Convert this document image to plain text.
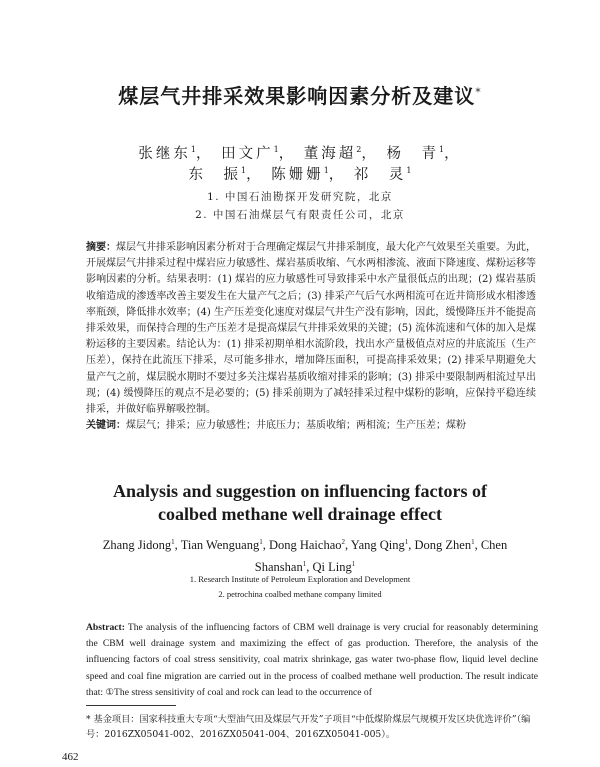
煤层气井排采效果影响因素分析及建议*
张继东$^1$， 田文广$^1$， 董海超$^2$， 杨　青$^1$，
东　振$^1$， 陈姗姗$^1$， 祁　灵$^1$
1. 中国石油勘探开发研究院，北京
2. 中国石油煤层气有限责任公司，北京
摘要：煤层气井排采影响因素分析对于合理确定煤层气井排采制度，最大化产气效果至关重要。为此，开展煤层气井排采过程中煤岩应力敏感性、煤岩基质收缩、气水两相渗流、液面下降速度、煤粉运移等影响因素的分析。结果表明：(1) 煤岩的应力敏感性可导致排采中水产量很低点的出现；(2) 煤岩基质收缩造成的渗透率改善主要发生在大量产气之后；(3) 排采产气后气水两相流可在近井筒形成水相渗透率瓶颈，降低排水效率；(4) 生产压差变化速度对煤层气井生产没有影响，因此，缓慢降压并不能提高排采效果，而保持合理的生产压差才是提高煤层气井排采效果的关键；(5) 流体流速和气体的加入是煤粉运移的主要因素。结论认为：(1) 排采初期单相水流阶段，找出水产量极值点对应的井底流压（生产压差），保持在此流压下排采，尽可能多排水，增加降压面积，可提高排采效果；(2) 排采早期避免大量产气之前，煤层脱水期时不要过多关注煤岩基质收缩对排采的影响；(3) 排采中要限制两相流过早出现；(4) 缓慢降压的观点不是必要的；(5) 排采前期为了减轻排采过程中煤粉的影响，应保持平稳连续排采，并做好临界解吸控制。
关键词：煤层气；排采；应力敏感性；井底压力；基质收缩；两相流；生产压差；煤粉
Analysis and suggestion on influencing factors of
coalbed methane well drainage effect
Zhang Jidong$^1$, Tian Wenguang$^1$, Dong Haichao$^2$, Yang Qing$^1$, Dong Zhen$^1$, Chen Shanshan$^1$, Qi Ling$^1$
1. Research Institute of Petroleum Exploration and Development
2. petrochina coalbed methane company limited
Abstract: The analysis of the influencing factors of CBM well drainage is very crucial for reasonably determining the CBM well drainage system and maximizing the effect of gas production. Therefore, the analysis of the influencing factors of coal stress sensitivity, coal matrix shrinkage, gas water two-phase flow, liquid level decline speed and coal fine migration are carried out in the process of coalbed methane well production. The result indicate that: ①The stress sensitivity of coal and rock can lead to the occurrence of
* 基金项目：国家科技重大专项“大型油气田及煤层气开发”子项目“中低煤阶煤层气规模开发区块优选评价”（编号：2016ZX05041-002、2016ZX05041-004、2016ZX05041-005）。
462
